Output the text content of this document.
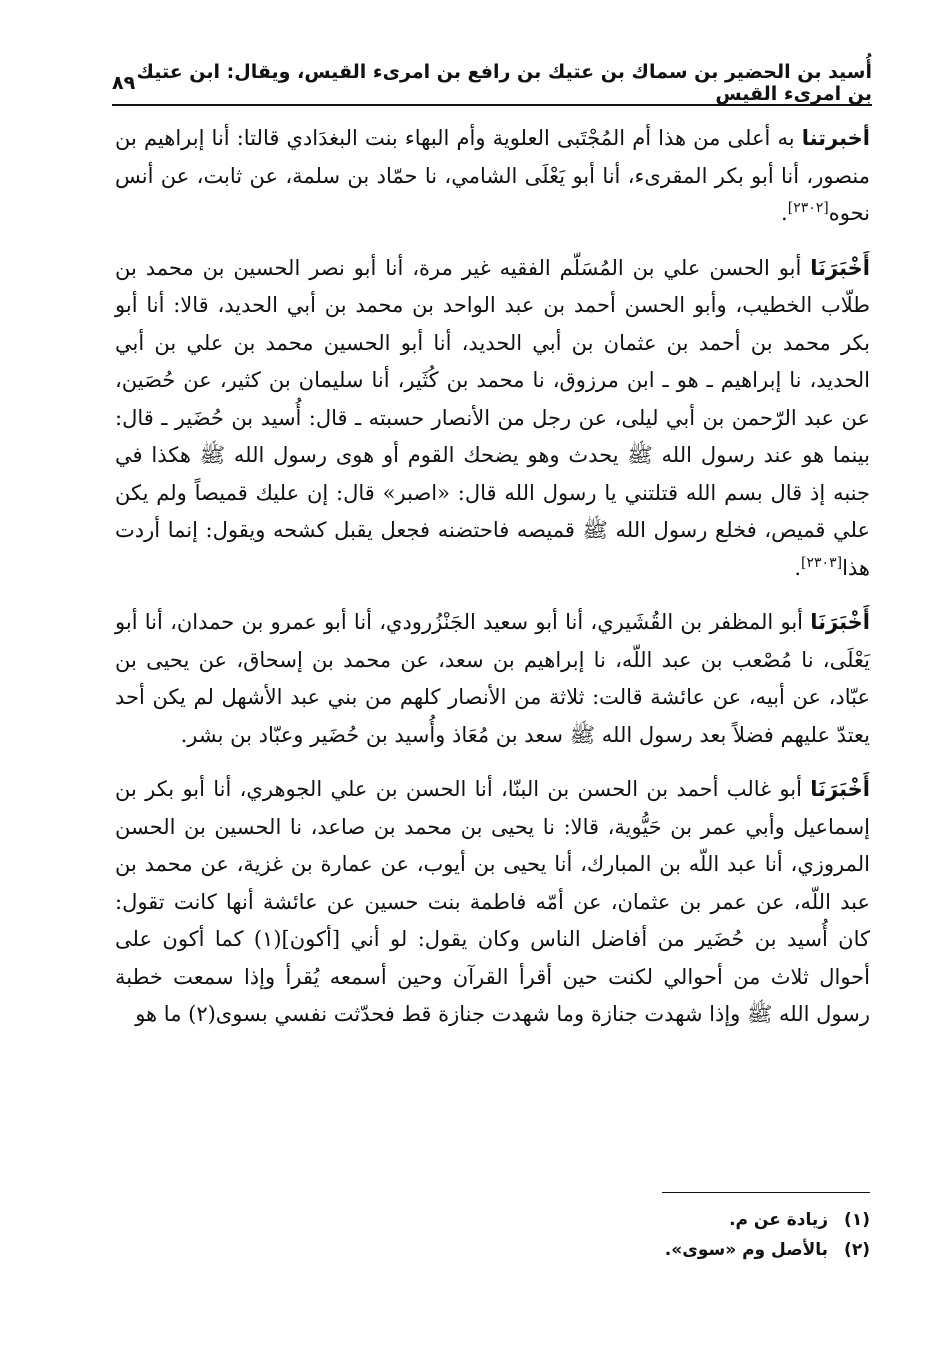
أُسيد بن الحضير بن سماك بن عتيك بن رافع بن امرىء القيس، ويقال: ابن عتيك بن امرىء القيس
٨٩

أخبرتنا به أعلى من هذا أم المُجْتَبى العلوية وأم البهاء بنت البغدَادي قالتا: أنا إبراهيم بن منصور، أنا أبو بكر المقرىء، أنا أبو يَعْلَى الشامي، نا حمّاد بن سلمة، عن ثابت، عن أنس نحوه[٢٣٠٢].

أَخْبَرَنَا أبو الحسن علي بن المُسَلّم الفقيه غير مرة، أنا أبو نصر الحسين بن محمد بن طلّاب الخطيب، وأبو الحسن أحمد بن عبد الواحد بن محمد بن أبي الحديد، قالا: أنا أبو بكر محمد بن أحمد بن عثمان بن أبي الحديد، أنا أبو الحسين محمد بن علي بن أبي الحديد، نا إبراهيم ـ هو ـ ابن مرزوق، نا محمد بن كُثَير، أنا سليمان بن كثير، عن حُصَين، عن عبد الرّحمن بن أبي ليلى، عن رجل من الأنصار حسبته ـ قال: أُسيد بن حُضَير ـ قال: بينما هو عند رسول الله ﷺ يحدث وهو يضحك القوم أو هوى رسول الله ﷺ هكذا في جنبه إذ قال بسم الله قتلتني يا رسول الله قال: «اصبر» قال: إن عليك قميصاً ولم يكن علي قميص، فخلع رسول الله ﷺ قميصه فاحتضنه فجعل يقبل كشحه ويقول: إنما أردت هذا[٢٣٠٣].

أَخْبَرَنَا أبو المظفر بن القُشَيري، أنا أبو سعيد الجَنْزُرودي، أنا أبو عمرو بن حمدان، أنا أبو يَعْلَى، نا مُصْعب بن عبد اللّه، نا إبراهيم بن سعد، عن محمد بن إسحاق، عن يحيى بن عبّاد، عن أبيه، عن عائشة قالت: ثلاثة من الأنصار كلهم من بني عبد الأشهل لم يكن أحد يعتدّ عليهم فضلاً بعد رسول الله ﷺ سعد بن مُعَاذ وأُسيد بن حُضَير وعبّاد بن بشر.

أَخْبَرَنَا أبو غالب أحمد بن الحسن بن البنّا، أنا الحسن بن علي الجوهري، أنا أبو بكر بن إسماعيل وأبي عمر بن حَيُّوية، قالا: نا يحيى بن محمد بن صاعد، نا الحسين بن الحسن المروزي، أنا عبد اللّه بن المبارك، أنا يحيى بن أيوب، عن عمارة بن غزية، عن محمد بن عبد اللّه، عن عمر بن عثمان، عن أمّه فاطمة بنت حسين عن عائشة أنها كانت تقول: كان أُسيد بن حُضَير من أفاضل الناس وكان يقول: لو أني [أكون](١) كما أكون على أحوال ثلاث من أحوالي لكنت حين أقرأ القرآن وحين أسمعه يُقرأ وإذا سمعت خطبة رسول الله ﷺ وإذا شهدت جنازة وما شهدت جنازة قط فحدّثت نفسي بسوى(٢) ما هو

(١) زيادة عن م.

(٢) بالأصل وم «سوى».
